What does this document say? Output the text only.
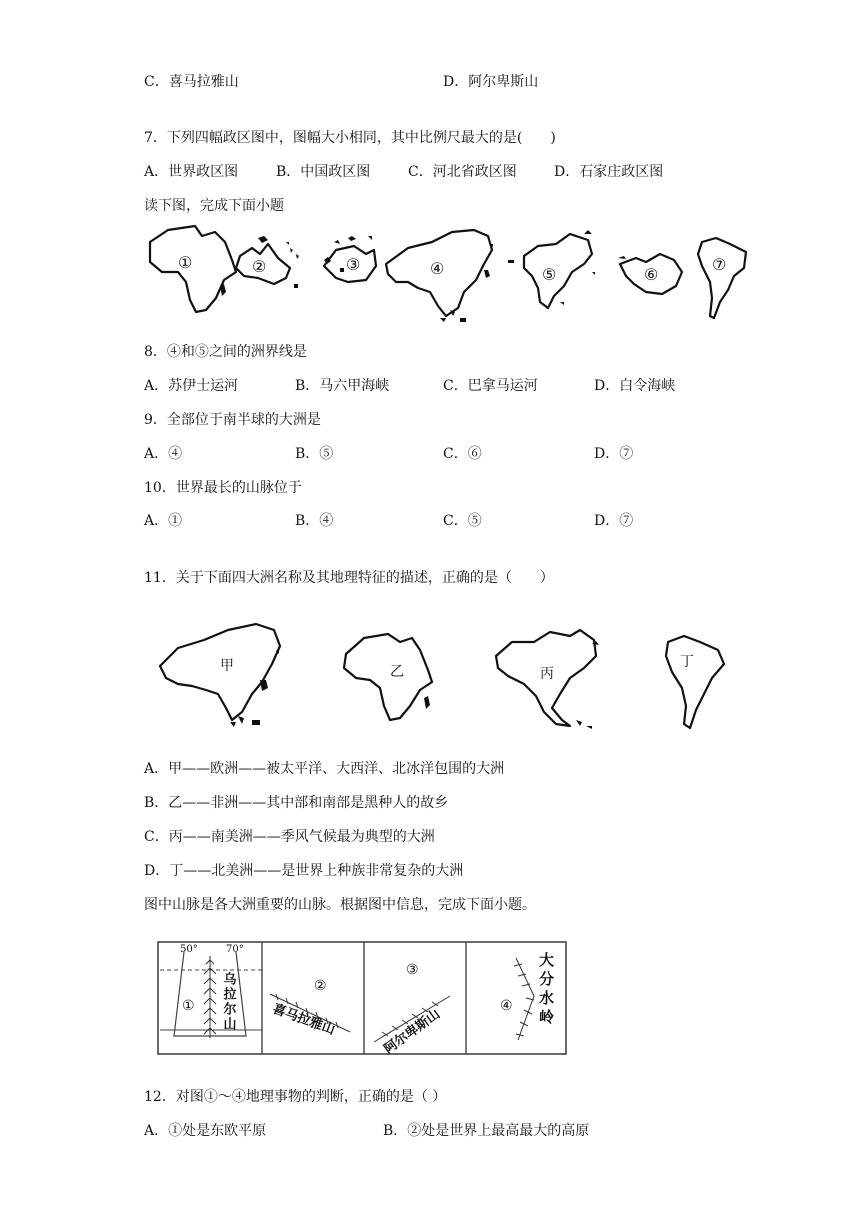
C．喜马拉雅山	D．阿尔卑斯山
7．下列四幅政区图中，图幅大小相同，其中比例尺最大的是(　　)
A．世界政区图	B．中国政区图	C．河北省政区图	D．石家庄政区图
读下图，完成下面小题
①	②	③	④	⑤	⑥
⑦
8．④和⑤之间的洲界线是
A．苏伊士运河	B．马六甲海峡	C．巴拿马运河	D．白令海峡
9．全部位于南半球的大洲是
A．④	B．⑤	C．⑥	D．⑦
10．世界最长的山脉位于
A．①	B．④	C．⑤	D．⑦
11．关于下面四大洲名称及其地理特征的描述，正确的是（　　）
甲	乙	丙
丁
A．甲——欧洲——被太平洋、大西洋、北冰洋包围的大洲
B．乙——非洲——其中部和南部是黑种人的故乡
C．丙——南美洲——季风气候最为典型的大洲
D．丁——北美洲——是世界上种族非常复杂的大洲
图中山脉是各大洲重要的山脉。根据图中信息，完成下面小题。
50°	70°
① 乌拉尔山	②
喜马拉雅山
③
阿尔卑斯山
④ 大分水岭
12．对图①～④地理事物的判断，正确的是（ ）
A．①处是东欧平原	B．②处是世界上最高最大的高原
